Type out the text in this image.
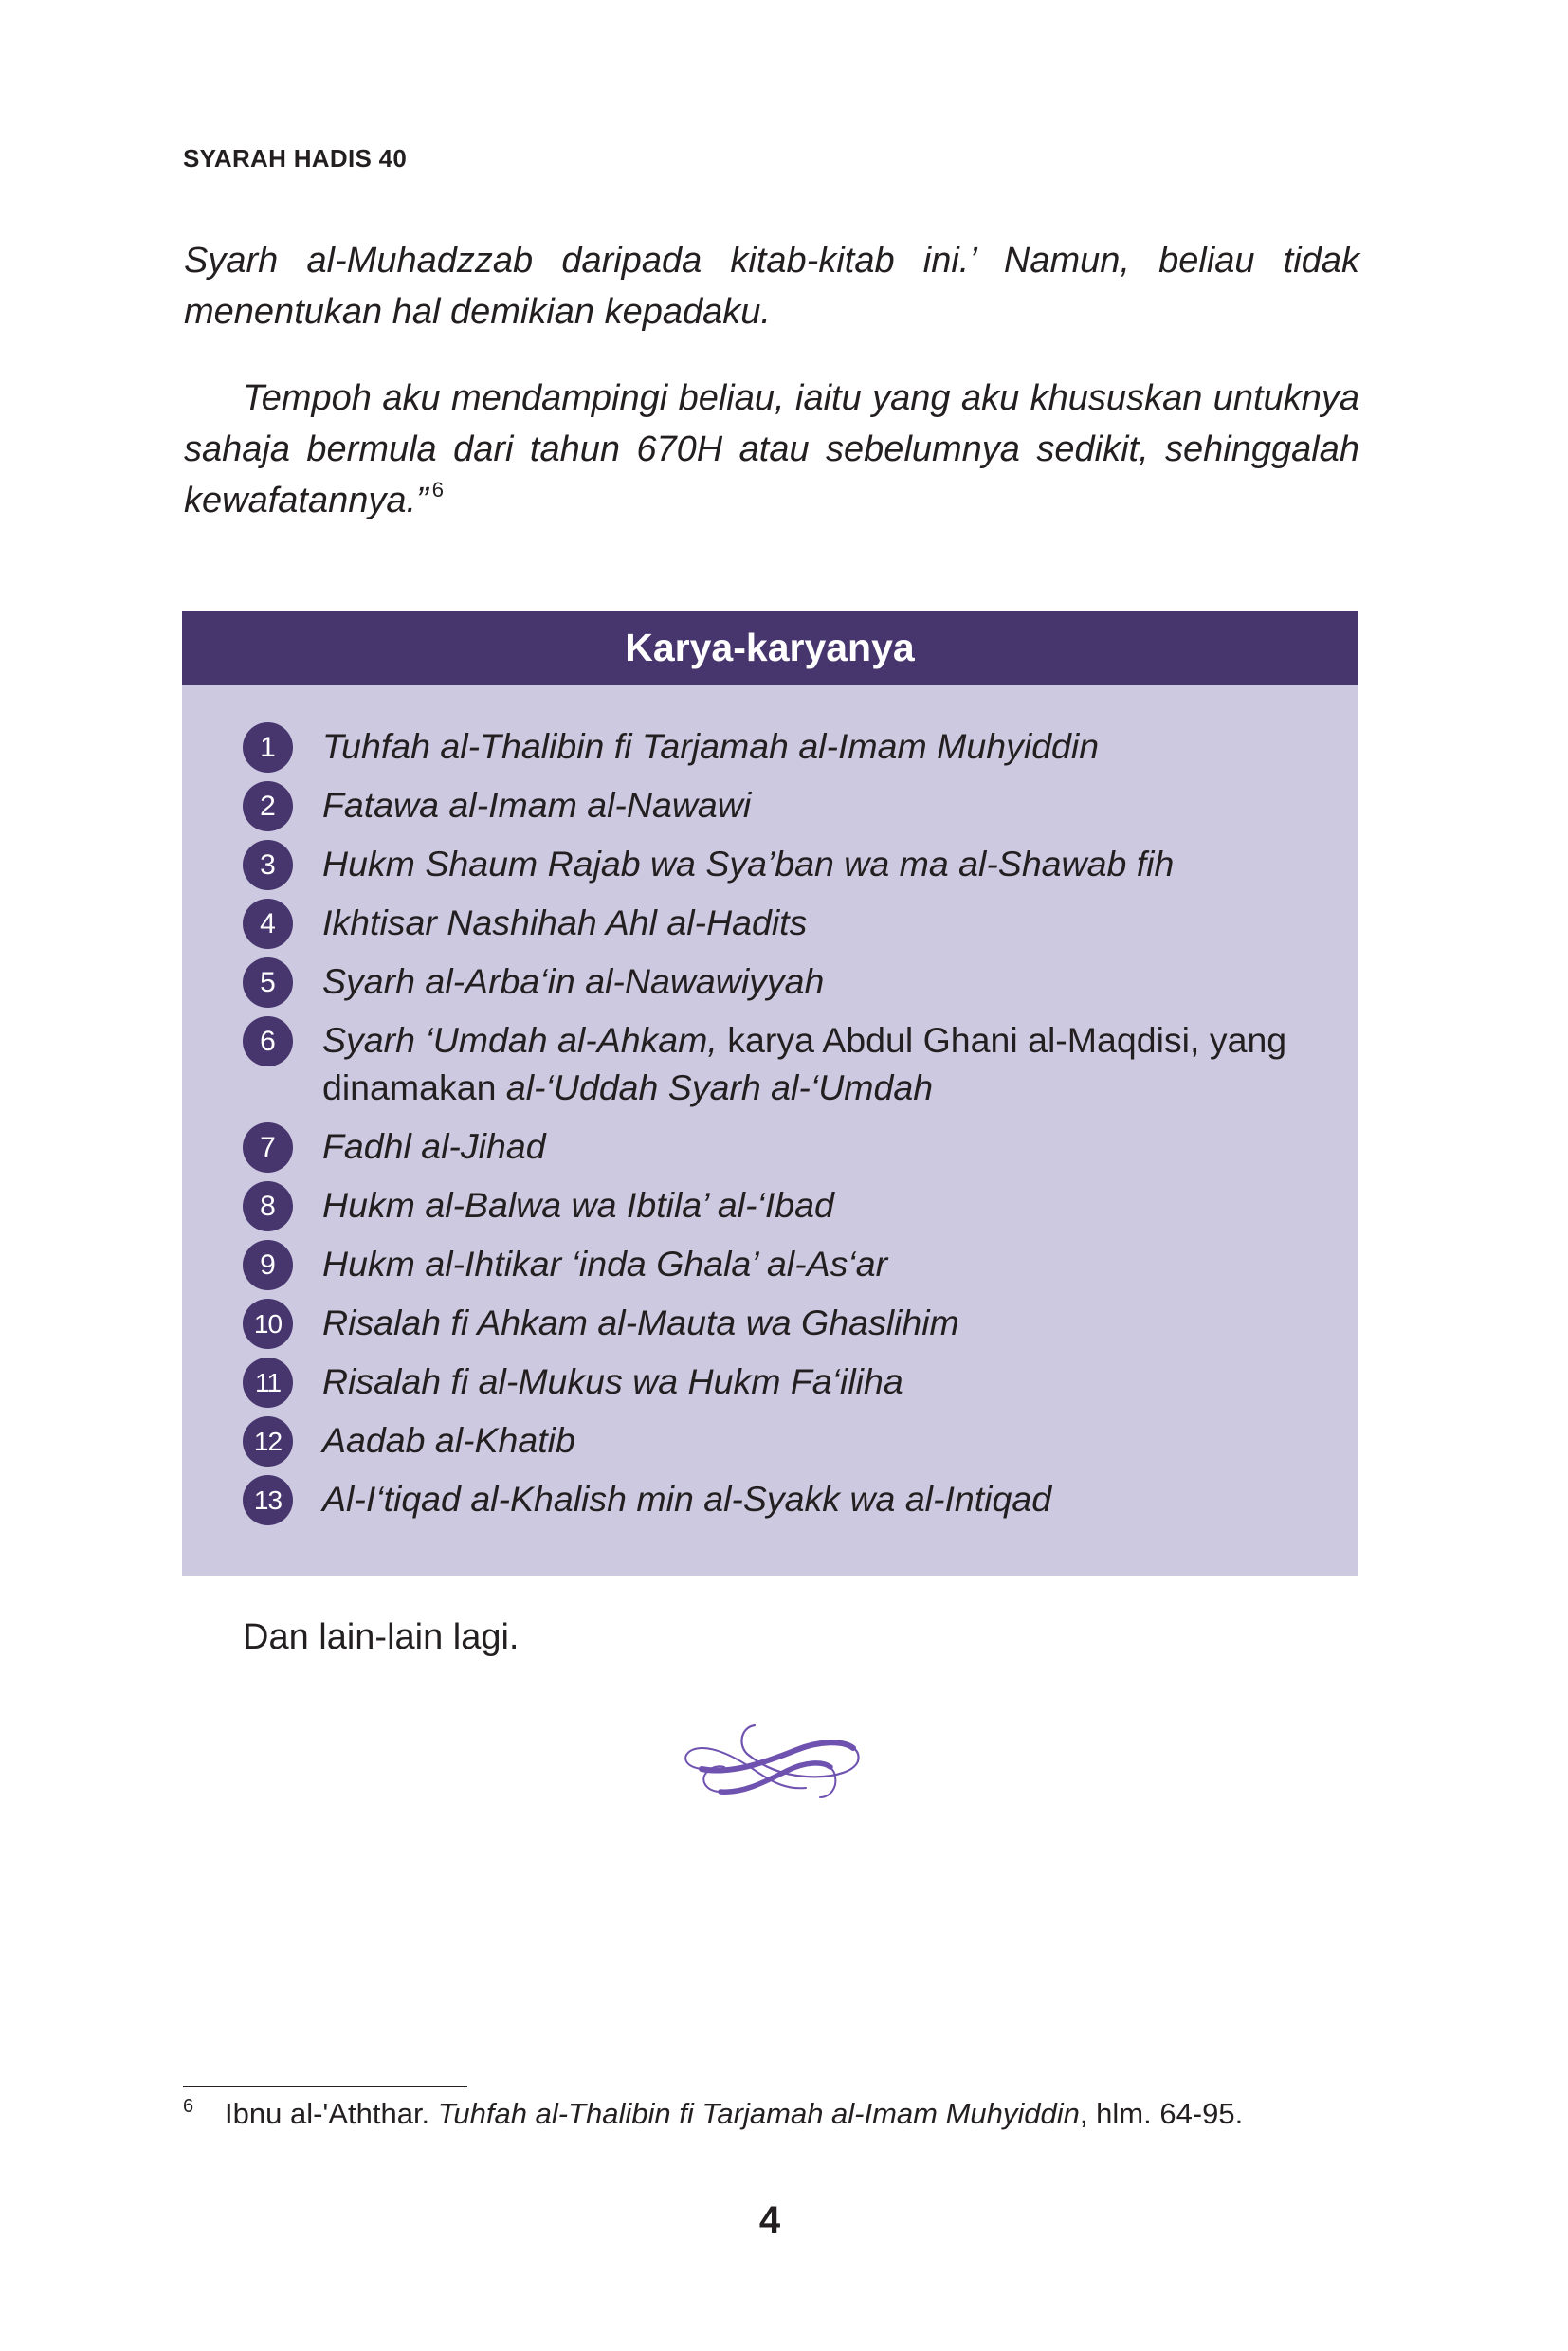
SYARAH HADIS 40

Syarh al-Muhadzzab daripada kitab-kitab ini.’ Namun, beliau tidak menentukan hal demikian kepadaku.

Tempoh aku mendampingi beliau, iaitu yang aku khususkan untuknya sahaja bermula dari tahun 670H atau sebelumnya sedikit, sehinggalah kewafatannya.” $^6$

Karya-karyanya
1	Tuhfah al-Thalibin fi Tarjamah al-Imam Muhyiddin
2	Fatawa al-Imam al-Nawawi
3	Hukm Shaum Rajab wa Sya’ban wa ma al-Shawab fih
4	Ikhtisar Nashihah Ahl al-Hadits
5	Syarh al-Arba‘in al-Nawawiyyah
6	Syarh ‘Umdah al-Ahkam, karya Abdul Ghani al-Maqdisi, yang dinamakan al-‘Uddah Syarh al-‘Umdah
7	Fadhl al-Jihad
8	Hukm al-Balwa wa Ibtila’ al-‘Ibad
9	Hukm al-Ihtikar ‘inda Ghala’ al-As‘ar
10	Risalah fi Ahkam al-Mauta wa Ghaslihim
11	Risalah fi al-Mukus wa Hukm Fa‘iliha
12	Aadab al-Khatib
13	Al-I‘tiqad al-Khalish min al-Syakk wa al-Intiqad
Dan lain-lain lagi.
6 Ibnu al-'Aththar. Tuhfah al-Thalibin fi Tarjamah al-Imam Muhyiddin, hlm. 64-95.
4
